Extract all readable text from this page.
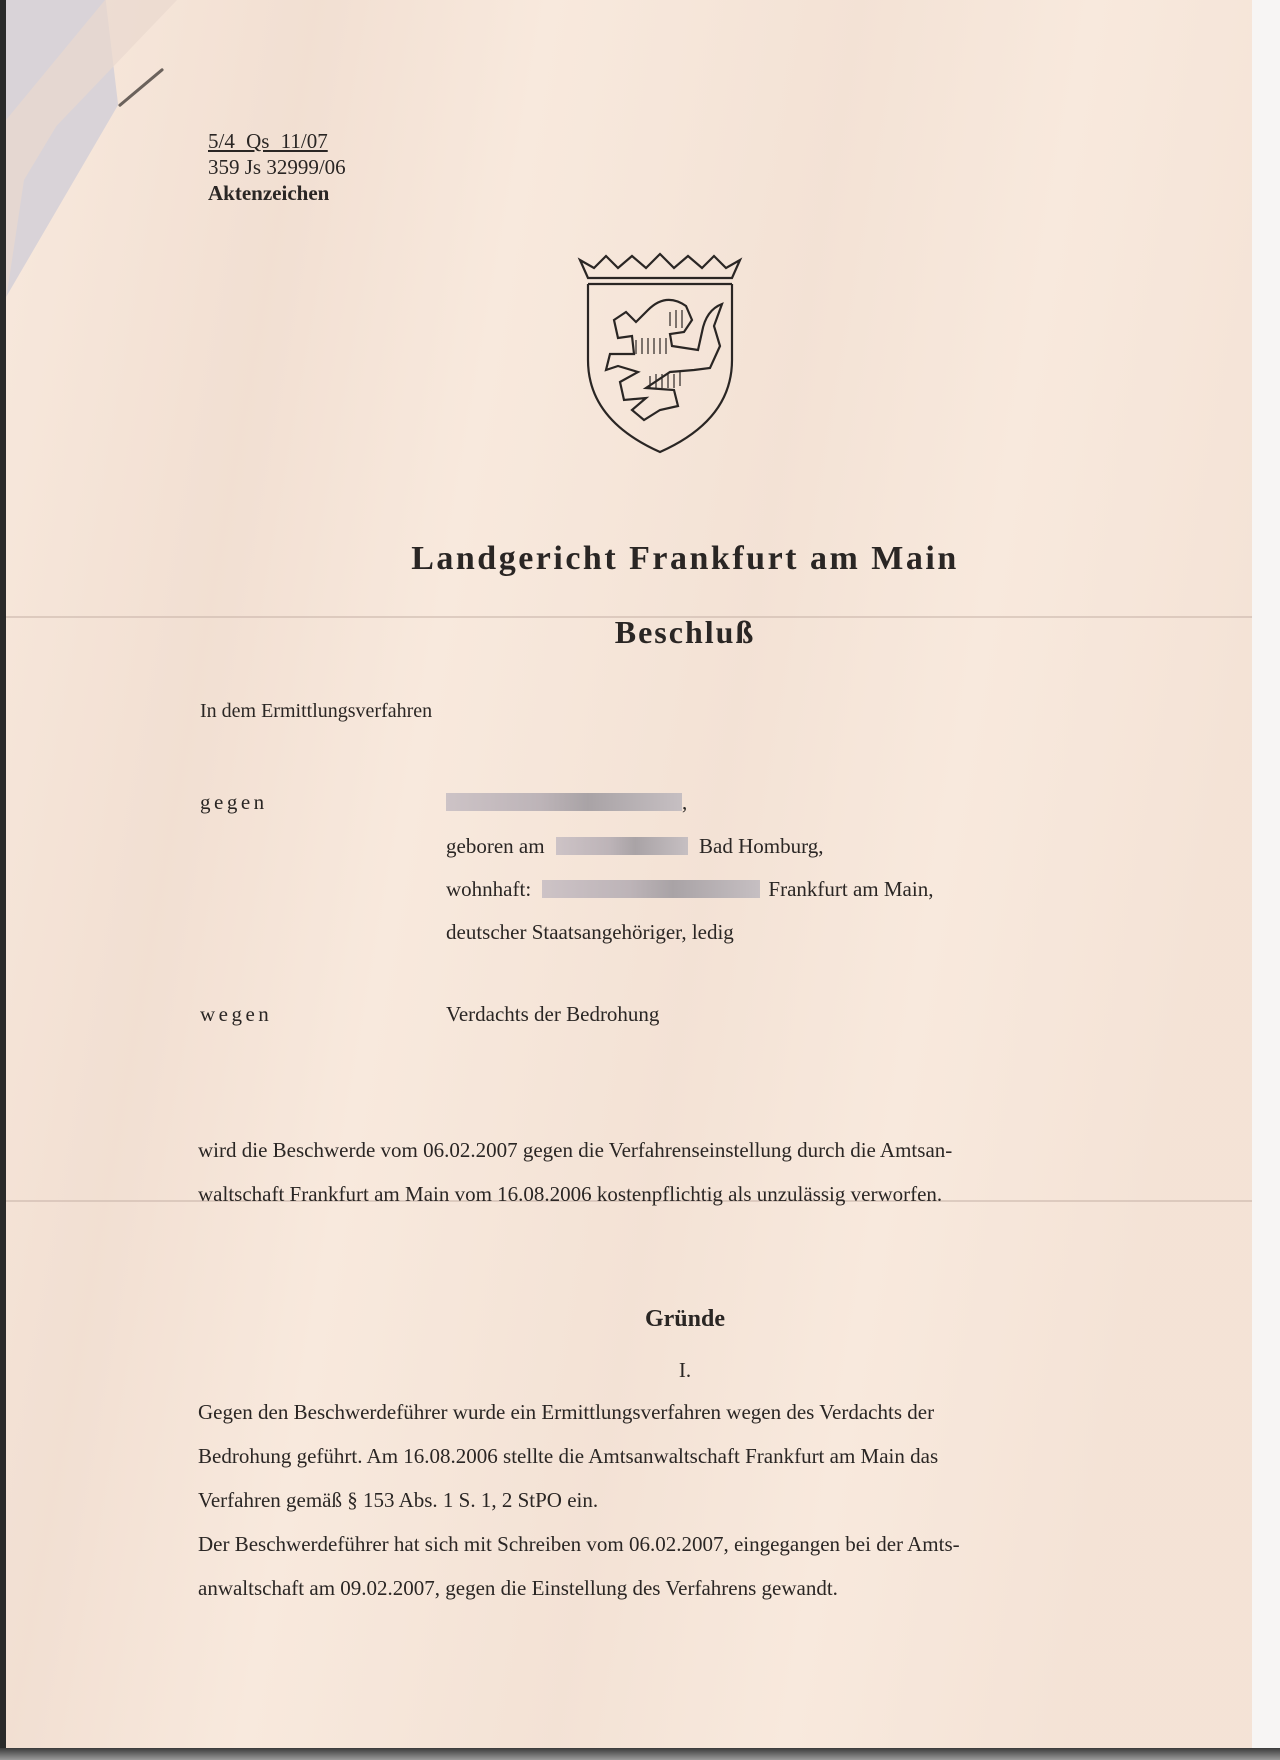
5/4 Qs 11/07
359 Js 32999/06
Aktenzeichen
Landgericht Frankfurt am Main
Beschluß
In dem Ermittlungsverfahren
gegen	,
geboren am	Bad Homburg,
wohnhaft:	Frankfurt am Main,
deutscher Staatsangehöriger, ledig
wegen	Verdachts der Bedrohung
wird die Beschwerde vom 06.02.2007 gegen die Verfahrenseinstellung durch die Amtsan-
waltschaft Frankfurt am Main vom 16.08.2006 kostenpflichtig als unzulässig verworfen.
Gründe
I.
Gegen den Beschwerdeführer wurde ein Ermittlungsverfahren wegen des Verdachts der
Bedrohung geführt. Am 16.08.2006 stellte die Amtsanwaltschaft Frankfurt am Main das
Verfahren gemäß § 153 Abs. 1 S. 1, 2 StPO ein.
Der Beschwerdeführer hat sich mit Schreiben vom 06.02.2007, eingegangen bei der Amts-
anwaltschaft am 09.02.2007, gegen die Einstellung des Verfahrens gewandt.
